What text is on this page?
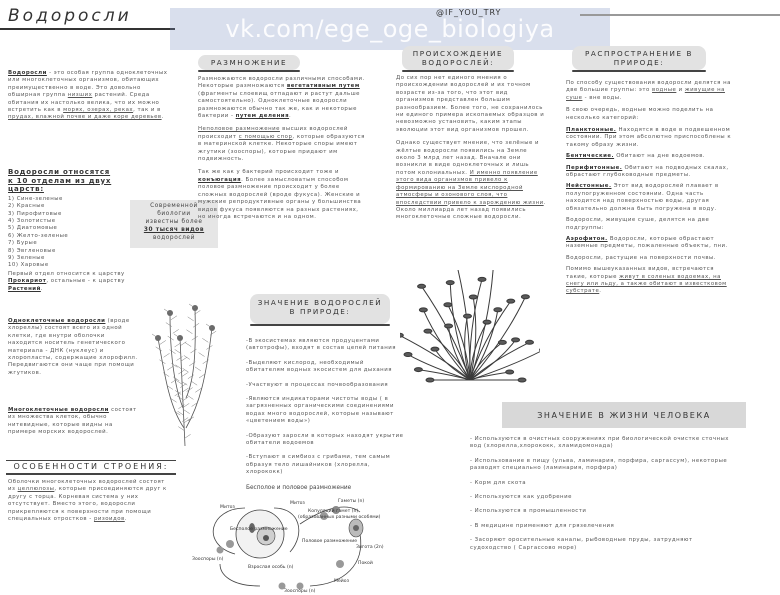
Водоросли	vk.com/ege_oge_biologiya
@IF_YOU_TRY

Водоросли - это особая группа одноклеточных или многоклеточных организмов, обитающих преимущественно в воде. Это довольно обширная группа низших растений. Среда обитания их настолько велика, что их можно встретить как в морях, озерах, реках, так и в прудах, влажной почве и даже коре деревьев.

Водоросли относятся к 10 отделам из двух царств:
1) Сине-зеленые
2) Красные
3) Пирофитовые
4) Золотистые
5) Диатомовые
6) Желто-зеленые
7) Бурые
8) Эвгленовые
9) Зеленые
10) Харовые
Первый отдел относится к царству Прокариот, остальные - к царству Растений.
Современной
биологии
известны более
30 тысяч видов
водорослей
Одноклеточные водоросли (вроде хлореллы) состоят всего из одной клетки, где внутри оболочки находится носитель генетического материала - ДНК (нуклеус) и хлоропласты, содержащие хлорофилл. Передвигаются они чаще при помощи жгутиков.
Многоклеточные водоросли состоят из множества клеток, обычно нитевидные, которые видны на примере морских водорослей.
ОСОБЕННОСТИ СТРОЕНИЯ:
Оболочки многоклеточных водорослей состоят из целлюлозы, которые присоединяются друг к другу с торца. Корневая система у них отсутствует. Вместо этого, водоросли прикрепляются к поверхности при помощи специальных отростков - ризоидов.
РАЗМНОЖЕНИЕ

Размножаются водоросли различными способами. Некоторые размножаются вегетативным путем (фрагменты слоевищ отпадают и растут дальше самостоятельно). Одноклеточные водоросли размножаются обычно так же, как и некоторые бактерии - путем деления.

Неполовое размножение высших водорослей происходит с помощью спор, которые образуются в материнской клетке. Некоторые споры имеют жгутики (зооспоры), которые придают им подвижность.

Так же как у бактерий происходит тоже и конъюгация. Более замысловатым способом половое размножение происходит у более сложных водорослей (вроде фукуса). Женские и мужские репродуктивные органы у большинства видов фукуса появляются на разных растениях, но иногда встречаются и на одном.

ПРОИСХОЖДЕНИЕ ВОДОРОСЛЕЙ:

До сих пор нет единого мнения о происхождении водорослей и их точном возрасте из-за того, что этот вид организмов представлен большим разнообразием. Более того, не сохранилось ни единого примера ископаемых образцов и невозможно установить, каким этапы эволюции этот вид организмов прошел.

Однако существует мнение, что зелёные и жёлтые водоросли появились на Земле около 3 млрд лет назад. Вначале они возникли в виде одноклеточных и лишь потом колониальных. И именно появление этого вида организмов привело к формированию на Земле кислородной атмосферы и озонового слоя, что впоследствии привело к зарождению жизни. Около миллиарда лет назад появились многоклеточные сложные водоросли.

РАСПРОСТРАНЕНИЕ В ПРИРОДЕ:

По способу существования водоросли делятся на две большие группы: это водные и живущие на суше - вне воды.

В свою очередь, водные можно поделить на несколько категорий:

Планктонные. Находятся в воде в подвешенном состоянии. При этом абсолютно приспособлены к такому образу жизни.

Бентические. Обитают на дне водоемов.

Перифитонные. Обитают на подводных скалах, обрастают глубоководные предметы.

Нейстонные. Этот вид водорослей плавает в полупогруженном состоянии. Одна часть находится над поверхностью воды, другая обязательно должна быть погружена в воду.

Водоросли, живущие суше, делятся на две подгруппы:

Аэрофитон. Водоросли, которые обрастают наземные предметы, пожаленные объекты, пни.

Водоросли, растущие на поверхности почвы.

Помимо вышеуказанных видов, встречаются такие, которые живут в соленых водоемах, на снегу или льду, а также обитают в известковом субстрате.

ЗНАЧЕНИЕ ВОДОРОСЛЕЙ
В ПРИРОДЕ:

-В экосистемах являются продуцентами (автотрофы), входят в состав цепей питания

-Выделяют кислород, необходимый обитателям водных экосистем для дыхания

-Участвуют в процессах почвообразования

-Являются индикаторами чистоты воды ( в загрязненных органическими соединениями водах много водорослей, которые называют «цветением воды»)

-Образуют заросли в которых находят укрытие обитатели водоемов

-Вступают в симбиоз с грибами, тем самым образуя тело лишайников (хлорелла, хлорококк)

ЗНАЧЕНИЕ В ЖИЗНИ ЧЕЛОВЕКА

- Используются в очистных сооружениях при биологической очистке сточных вод (хлорелла,хлорококк, хламидомонада)

- Использование в пищу (ульва, ламинария, порфира, саргассум), некоторые разводят специально (ламинария, порфира)

- Корм для скота

- Используются как удобрение

- Используются в промышленности

- В медицине применяют для грязелечения

- Засоряют оросительные каналы, рыбоводные пруды, затрудняют судоходство ( Саргассово море)

Бесполое и половое размножение
Митоз
Митоз
Бесполое размножение
Половое размножение
Гаметы (n)
Копуляций гамет (n)
(образованных разными особями)
Зигота (2n)
Покой
Мейоз
Зооспоры (n)
Зооспоры (n)
Взрослая особь (n)
